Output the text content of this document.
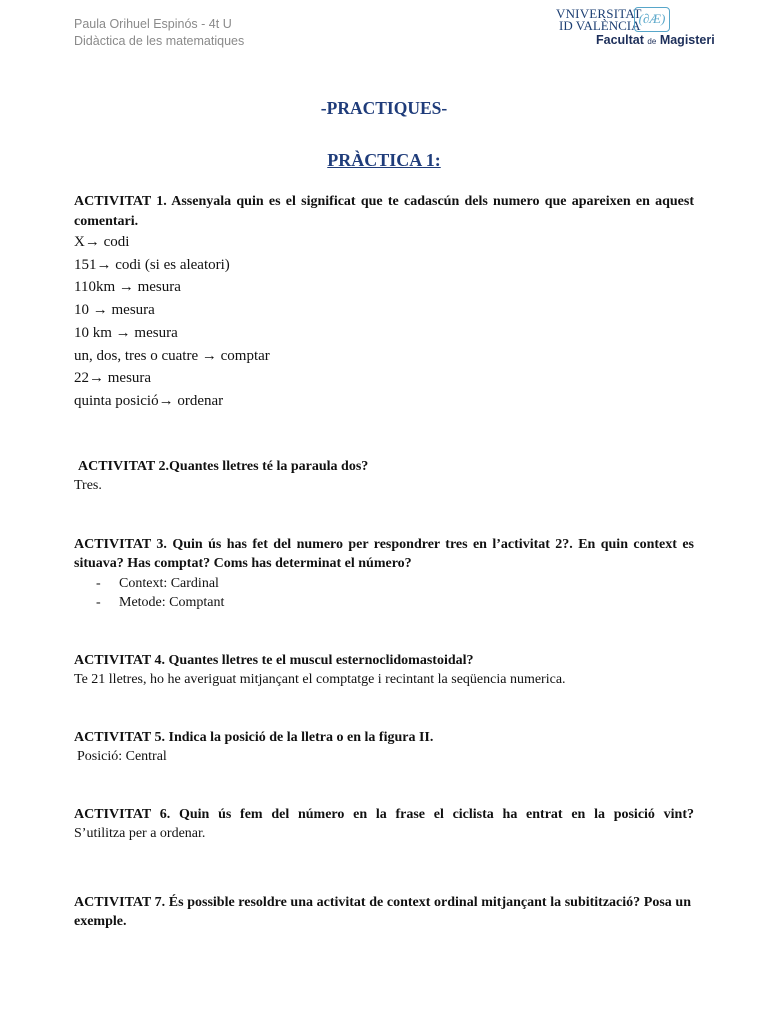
Paula Orihuel Espinós - 4t U
Didàctica de les matematiques
VNIVERSITAT
ID VALÈNCIA
(∂Æ)
Facultat de Magisteri
-PRACTIQUES-
PRÀCTICA 1:
ACTIVITAT 1. Assenyala quin es el significat que te cadascún dels numero que apareixen en aquest comentari.
X→ codi
151→ codi (si es aleatori)
110km → mesura
10 → mesura
10 km → mesura
un, dos, tres o cuatre → comptar
22→ mesura
quinta posició→ ordenar
ACTIVITAT 2.Quantes lletres té la paraula dos?
Tres.
ACTIVITAT 3. Quin ús has fet del numero per respondrer tres en l’activitat 2?. En quin context es situava? Has comptat? Coms has determinat el número?
- Context: Cardinal
- Metode: Comptant
ACTIVITAT 4. Quantes lletres te el muscul esternoclidomastoidal?
Te 21 lletres, ho he averiguat mitjançant el comptatge i recintant la seqüencia numerica.
ACTIVITAT 5. Indica la posició de la lletra o en la figura II.
Posició: Central
ACTIVITAT 6. Quin ús fem del número en la frase el ciclista ha entrat en la posició vint?
S’utilitza per a ordenar.
ACTIVITAT 7. És possible resoldre una activitat de context ordinal mitjançant la subitització? Posa un exemple.
